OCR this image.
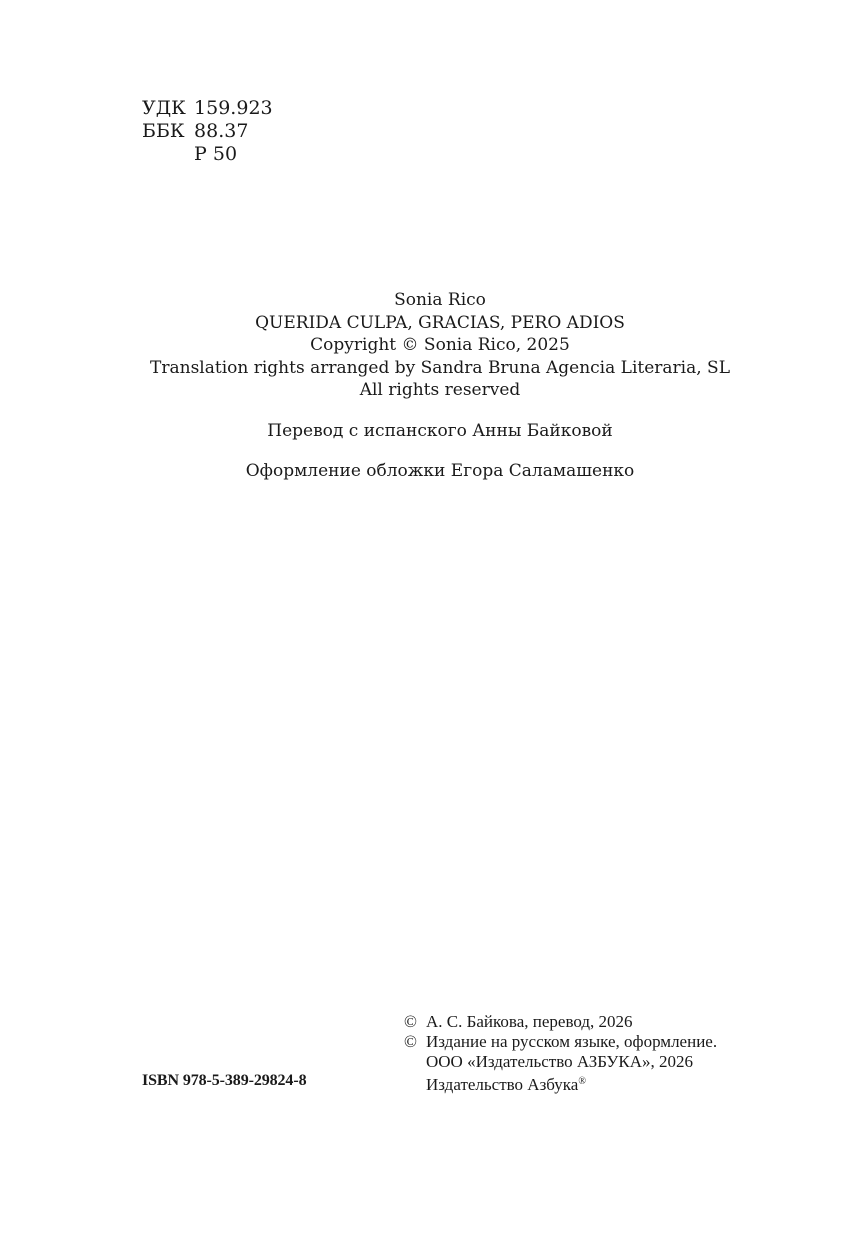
УДК 159.923
ББК 88.37
Р 50
Sonia Rico
QUERIDA CULPA, GRACIAS, PERO ADIOS
Copyright © Sonia Rico, 2025
Translation rights arranged by Sandra Bruna Agencia Literaria, SL
All rights reserved
Перевод с испанского Анны Байковой
Оформление обложки Егора Саламашенко
© А. С. Байкова, перевод, 2026
© Издание на русском языке, оформление.
ООО «Издательство АЗБУКА», 2026
Издательство Азбука®
ISBN 978-5-389-29824-8
